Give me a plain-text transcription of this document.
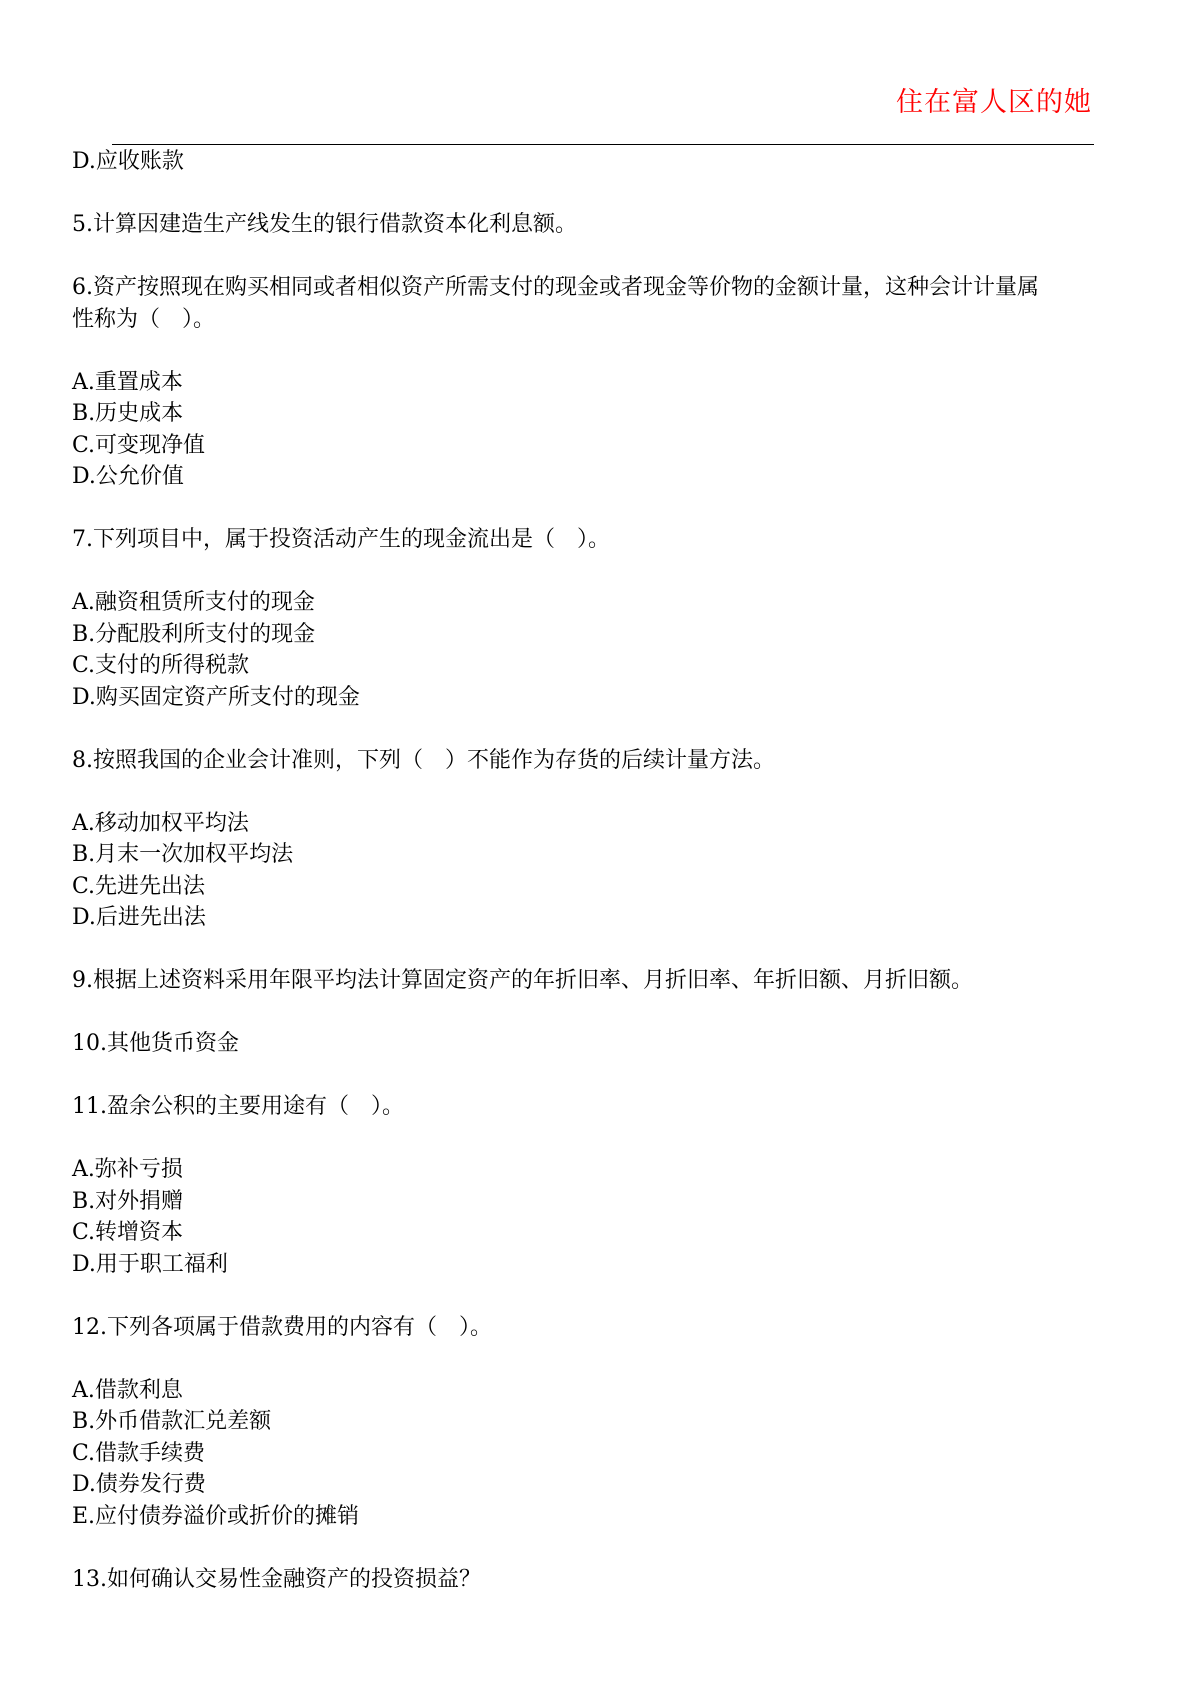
住在富人区的她
D.应收账款
5.计算因建造生产线发生的银行借款资本化利息额。
6.资产按照现在购买相同或者相似资产所需支付的现金或者现金等价物的金额计量，这种会计计量属
性称为（　）。
A.重置成本
B.历史成本
C.可变现净值
D.公允价值
7.下列项目中，属于投资活动产生的现金流出是（　）。
A.融资租赁所支付的现金
B.分配股利所支付的现金
C.支付的所得税款
D.购买固定资产所支付的现金
8.按照我国的企业会计准则，下列（　）不能作为存货的后续计量方法。
A.移动加权平均法
B.月末一次加权平均法
C.先进先出法
D.后进先出法
9.根据上述资料采用年限平均法计算固定资产的年折旧率、月折旧率、年折旧额、月折旧额。
10.其他货币资金
11.盈余公积的主要用途有（　）。
A.弥补亏损
B.对外捐赠
C.转增资本
D.用于职工福利
12.下列各项属于借款费用的内容有（　）。
A.借款利息
B.外币借款汇兑差额
C.借款手续费
D.债券发行费
E.应付债券溢价或折价的摊销
13.如何确认交易性金融资产的投资损益？
